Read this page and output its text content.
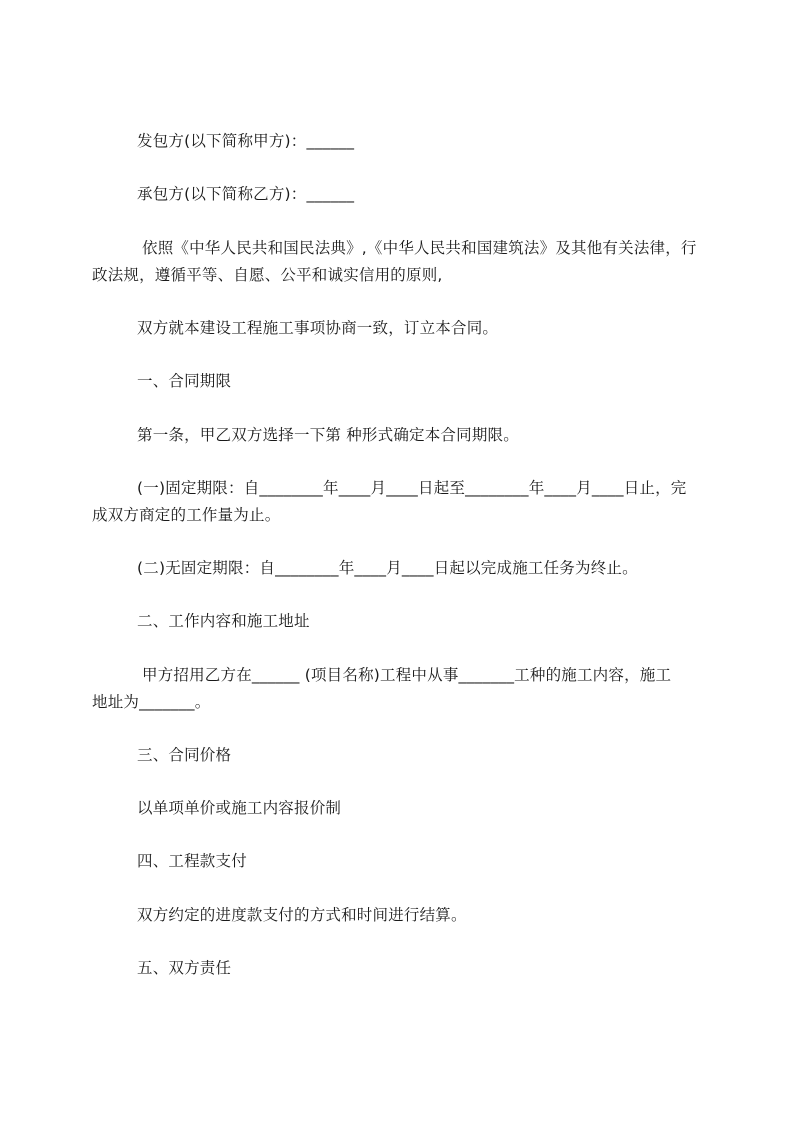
发包方(以下简称甲方)：______
承包方(以下简称乙方)：______
依照《中华人民共和国民法典》,《中华人民共和国建筑法》及其他有关法律，行
政法规，遵循平等、自愿、公平和诚实信用的原则,
双方就本建设工程施工事项协商一致，订立本合同。
一、合同期限
第一条，甲乙双方选择一下第 种形式确定本合同期限。
(一)固定期限：自________年____月____日起至________年____月____日止，完
成双方商定的工作量为止。
(二)无固定期限：自________年____月____日起以完成施工任务为终止。
二、工作内容和施工地址
甲方招用乙方在______ (项目名称)工程中从事_______工种的施工内容，施工
地址为_______。
三、合同价格
以单项单价或施工内容报价制
四、工程款支付
双方约定的进度款支付的方式和时间进行结算。
五、双方责任
